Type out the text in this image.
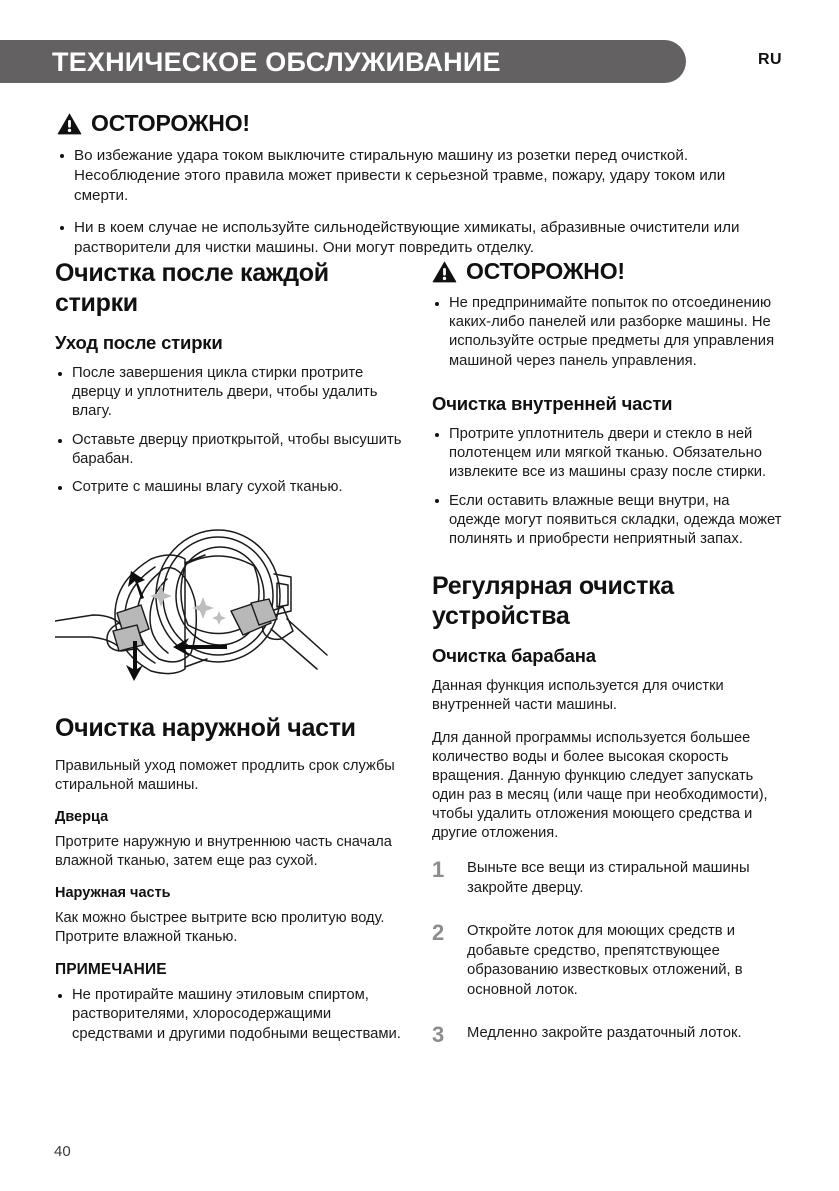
ТЕХНИЧЕСКОЕ ОБСЛУЖИВАНИЕ	RU
ОСТОРОЖНО!
Во избежание удара током выключите стиральную машину из розетки перед очисткой. Несоблюдение этого правила может привести к серьезной травме, пожару, удару током или смерти.
Ни в коем случае не используйте сильнодействующие химикаты, абразивные очистители или растворители для чистки машины. Они могут повредить отделку.
Очистка после каждой стирки
Уход после стирки
После завершения цикла стирки протрите дверцу и уплотнитель двери, чтобы удалить влагу.
Оставьте дверцу приоткрытой, чтобы высушить барабан.
Сотрите с машины влагу сухой тканью.
Очистка наружной части

Правильный уход поможет продлить срок службы стиральной машины.

Дверца

Протрите наружную и внутреннюю часть сначала влажной тканью, затем еще раз сухой.

Наружная часть

Как можно быстрее вытрите всю пролитую воду. Протрите влажной тканью.

ПРИМЕЧАНИЕ
Не протирайте машину этиловым спиртом, растворителями, хлоросодержащими средствами и другими подобными веществами.
ОСТОРОЖНО!
Не предпринимайте попыток по отсоединению каких-либо панелей или разборке машины. Не используйте острые предметы для управления машиной через панель управления.
Очистка внутренней части
Протрите уплотнитель двери и стекло в ней полотенцем или мягкой тканью. Обязательно извлеките все из машины сразу после стирки.
Если оставить влажные вещи внутри, на одежде могут появиться складки, одежда может полинять и приобрести неприятный запах.
Регулярная очистка устройства
Очистка барабана

Данная функция используется для очистки внутренней части машины.

Для данной программы используется большее количество воды и более высокая скорость вращения. Данную функцию следует запускать один раз в месяц (или чаще при необходимости), чтобы удалить отложения моющего средства и другие отложения.

1 Выньте все вещи из стиральной машины закройте дверцу.
2 Откройте лоток для моющих средств и добавьте средство, препятствующее образованию известковых отложений, в основной лоток.
3 Медленно закройте раздаточный лоток.
40
